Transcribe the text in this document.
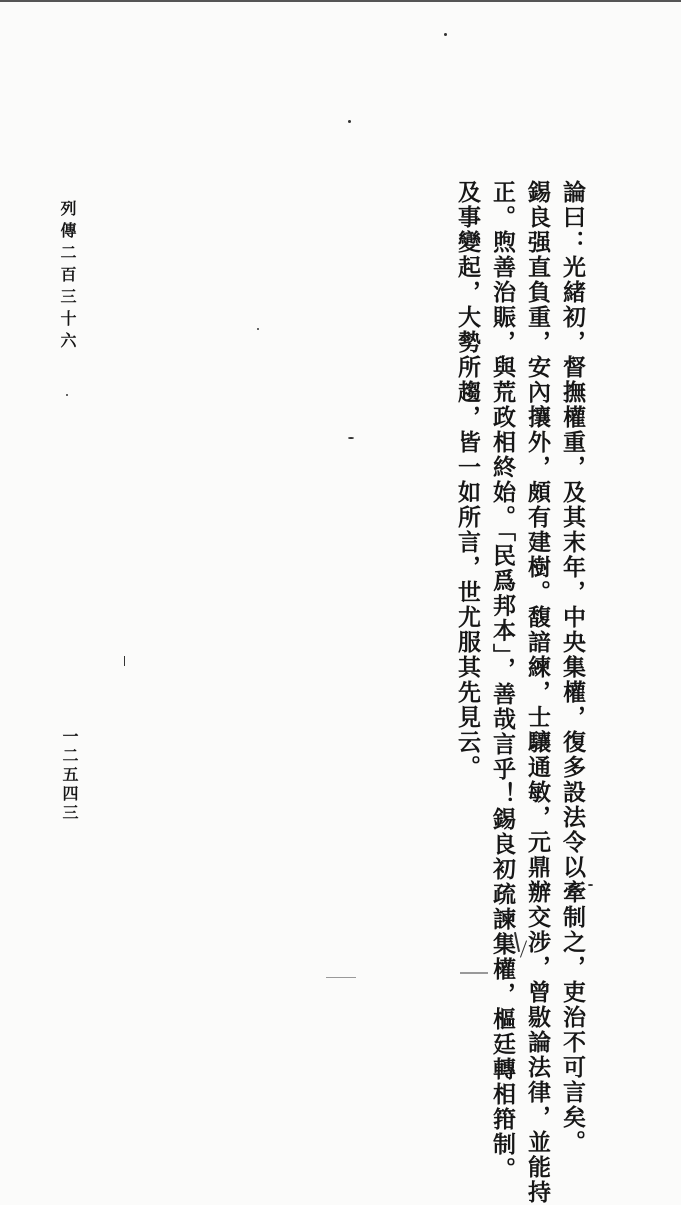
論曰：光緒初，督撫權重，及其末年，中央集權，復多設法令以牽制之，吏治不可言矣。
錫良强直負重，安內攘外，頗有建樹。馥諳練，士驤通敏，元鼎辦交涉，曾敭論法律，並能持
正。煦善治賑，與荒政相終始。「民爲邦本」，善哉言乎！錫良初疏諫集權，樞廷轉相箝制。
及事變起，大勢所趨，皆一如所言，世尤服其先見云。
列傳二百三十六
一二五四三
